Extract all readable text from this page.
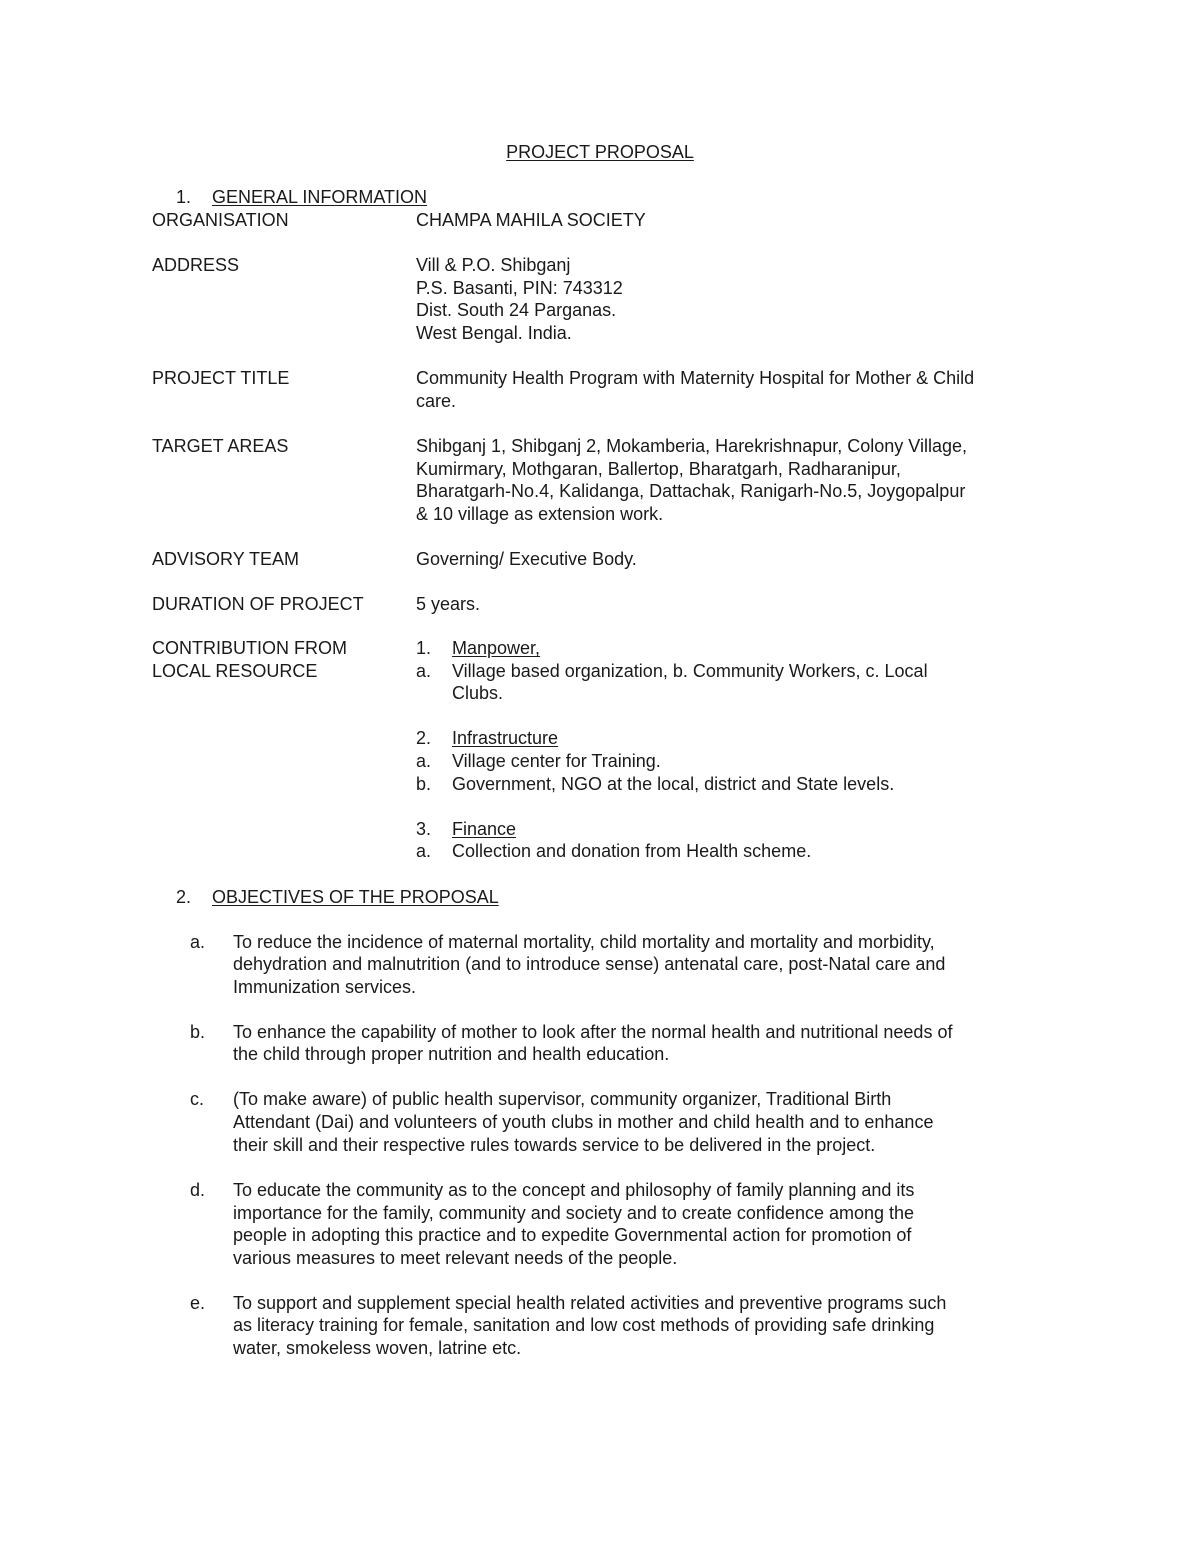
PROJECT PROPOSAL
1. GENERAL INFORMATION
ORGANISATION	CHAMPA MAHILA SOCIETY
ADDRESS	Vill & P.O. Shibganj
P.S. Basanti, PIN: 743312
Dist. South 24 Parganas.
West Bengal. India.
PROJECT TITLE	Community Health Program with Maternity Hospital for Mother & Child
care.
TARGET AREAS	Shibganj 1, Shibganj 2, Mokamberia, Harekrishnapur, Colony Village,
Kumirmary, Mothgaran, Ballertop, Bharatgarh, Radharanipur,
Bharatgarh-No.4, Kalidanga, Dattachak, Ranigarh-No.5, Joygopalpur
& 10 village as extension work.
ADVISORY TEAM	Governing/ Executive Body.
DURATION OF PROJECT	5 years.
CONTRIBUTION FROM
LOCAL RESOURCE
1.	Manpower,
a.	Village based organization, b. Community Workers, c. Local
Clubs.
2.	Infrastructure
a.	Village center for Training.
b.	Government, NGO at the local, district and State levels.
3.	Finance
a.	Collection and donation from Health scheme.
2. OBJECTIVES OF THE PROPOSAL
a. To reduce the incidence of maternal mortality, child mortality and mortality and morbidity,
dehydration and malnutrition (and to introduce sense) antenatal care, post-Natal care and
Immunization services.
b. To enhance the capability of mother to look after the normal health and nutritional needs of
the child through proper nutrition and health education.
c. (To make aware) of public health supervisor, community organizer, Traditional Birth
Attendant (Dai) and volunteers of youth clubs in mother and child health and to enhance
their skill and their respective rules towards service to be delivered in the project.
d. To educate the community as to the concept and philosophy of family planning and its
importance for the family, community and society and to create confidence among the
people in adopting this practice and to expedite Governmental action for promotion of
various measures to meet relevant needs of the people.
e. To support and supplement special health related activities and preventive programs such
as literacy training for female, sanitation and low cost methods of providing safe drinking
water, smokeless woven, latrine etc.
